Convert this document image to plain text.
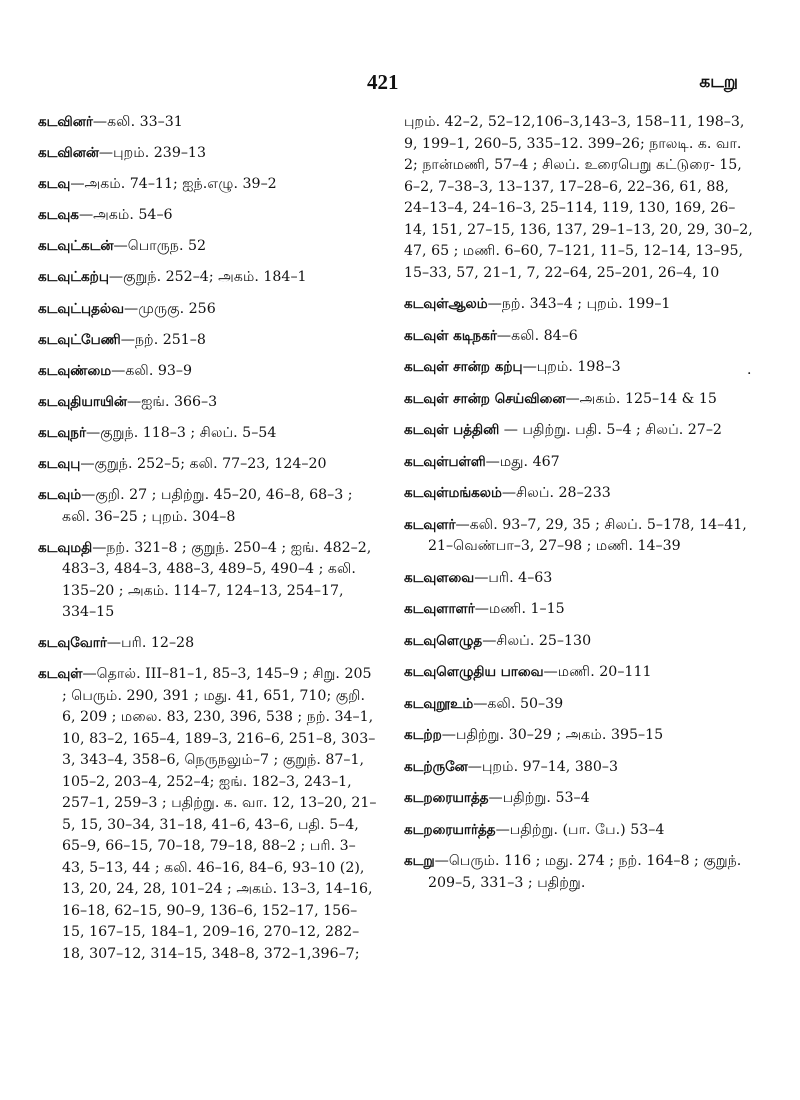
421	கடறு

கடவினர்—கலி. 33–31

கடவினன்—புறம். 239–13

கடவு—அகம். 74–11; ஐந்.எழு. 39–2

கடவுக—அகம். 54–6

கடவுட்கடன்—பொருந. 52

கடவுட்கற்பு—குறுந். 252–4; அகம். 184–1

கடவுட்புதல்வ—முருகு. 256

கடவுட்பேணி—நற். 251–8

கடவுண்மை—கலி. 93–9

கடவுதியாயின்—ஐங். 366–3

கடவுநர்—குறுந். 118–3 ; சிலப். 5–54

கடவுபு—குறுந். 252–5; கலி. 77–23, 124–20

கடவும்—குறி. 27 ; பதிற்று. 45–20, 46–8, 68–3 ; கலி. 36–25 ; புறம். 304–8

கடவுமதி—நற். 321–8 ; குறுந். 250–4 ; ஐங். 482–2, 483–3, 484–3, 488–3, 489–5, 490–4 ; கலி. 135–20 ; அகம். 114–7, 124–13, 254–17, 334–15

கடவுவோர்—பரி. 12–28

கடவுள்—தொல். III–81–1, 85–3, 145–9 ; சிறு. 205 ; பெரும். 290, 391 ; மது. 41, 651, 710; குறி. 6, 209 ; மலை. 83, 230, 396, 538 ; நற். 34–1, 10, 83–2, 165–4, 189–3, 216–6, 251–8, 303–3, 343–4, 358–6, நெருநலும்–7 ; குறுந். 87–1, 105–2, 203–4, 252–4; ஐங். 182–3, 243–1, 257–1, 259–3 ; பதிற்று. க. வா. 12, 13–20, 21–5, 15, 30–34, 31–18, 41–6, 43–6, பதி. 5–4, 65–9, 66–15, 70–18, 79–18, 88–2 ; பரி. 3–43, 5–13, 44 ; கலி. 46–16, 84–6, 93–10 (2), 13, 20, 24, 28, 101–24 ; அகம். 13–3, 14–16, 16–18, 62–15, 90–9, 136–6, 152–17, 156–15, 167–15, 184–1, 209–16, 270–12, 282–18, 307–12, 314–15, 348–8, 372–1,396–7;

புறம். 42–2, 52–12,106–3,143–3, 158–11, 198–3, 9, 199–1, 260–5, 335–12. 399–26; நாலடி. க. வா. 2; நான்மணி, 57–4 ; சிலப். உரைபெறு கட்டுரை- 15, 6–2, 7–38–3, 13–137, 17–28–6, 22–36, 61, 88, 24–13–4, 24–16–3, 25–114, 119, 130, 169, 26–14, 151, 27–15, 136, 137, 29–1–13, 20, 29, 30–2, 47, 65 ; மணி. 6–60, 7–121, 11–5, 12–14, 13–95, 15–33, 57, 21–1, 7, 22–64, 25–201, 26–4, 10

கடவுள்ஆலம்—நற். 343–4 ; புறம். 199–1

கடவுள் கடிநகர்—கலி. 84–6

கடவுள் சான்ற கற்பு—புறம். 198–3

கடவுள் சான்ற செய்வினை—அகம். 125–14 & 15

கடவுள் பத்தினி — பதிற்று. பதி. 5–4 ; சிலப். 27–2

கடவுள்பள்ளி—மது. 467

கடவுள்மங்கலம்—சிலப். 28–233

கடவுளர்—கலி. 93–7, 29, 35 ; சிலப். 5–178, 14–41, 21–வெண்பா–3, 27–98 ; மணி. 14–39

கடவுளவை—பரி. 4–63

கடவுளாளர்—மணி. 1–15

கடவுளெழுத—சிலப். 25–130

கடவுளெழுதிய பாவை—மணி. 20–111

கடவுறூஉம்—கலி. 50–39

கடற்ற—பதிற்று. 30–29 ; அகம். 395–15

கடற்ருனே—புறம். 97–14, 380–3

கடறரையாத்த—பதிற்று. 53–4

கடறரையார்த்த—பதிற்று. (பா. பே.) 53–4

கடறு—பெரும். 116 ; மது. 274 ; நற். 164–8 ; குறுந். 209–5, 331–3 ; பதிற்று.

·
